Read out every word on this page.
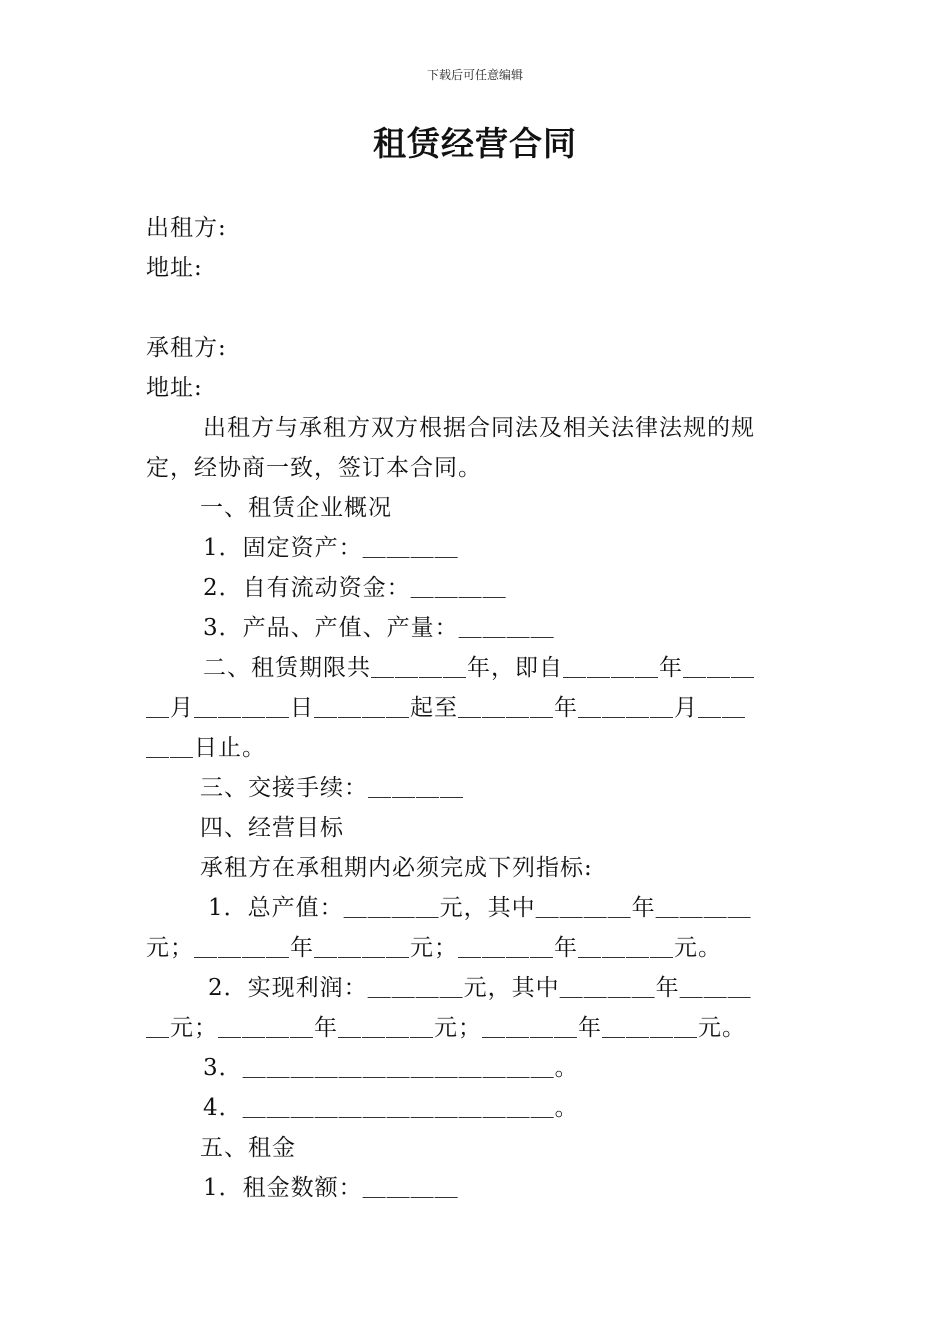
下载后可任意编辑
租赁经营合同
出租方:
地址:
承租方:
地址:
出租方与承租方双方根据合同法及相关法律法规的规
定，经协商一致，签订本合同。
一、租赁企业概况
1．固定资产：＿＿＿＿
2．自有流动资金：＿＿＿＿
3．产品、产值、产量：＿＿＿＿
二、租赁期限共＿＿＿＿年，即自＿＿＿＿年＿＿＿
＿月＿＿＿＿日＿＿＿＿起至＿＿＿＿年＿＿＿＿月＿＿
＿＿日止。
三、交接手续：＿＿＿＿
四、经营目标
承租方在承租期内必须完成下列指标:
1．总产值：＿＿＿＿元，其中＿＿＿＿年＿＿＿＿
元；＿＿＿＿年＿＿＿＿元；＿＿＿＿年＿＿＿＿元。
2．实现利润：＿＿＿＿元，其中＿＿＿＿年＿＿＿
＿元；＿＿＿＿年＿＿＿＿元；＿＿＿＿年＿＿＿＿元。
3．＿＿＿＿＿＿＿＿＿＿＿＿＿。
4．＿＿＿＿＿＿＿＿＿＿＿＿＿。
五、租金
1．租金数额：＿＿＿＿
